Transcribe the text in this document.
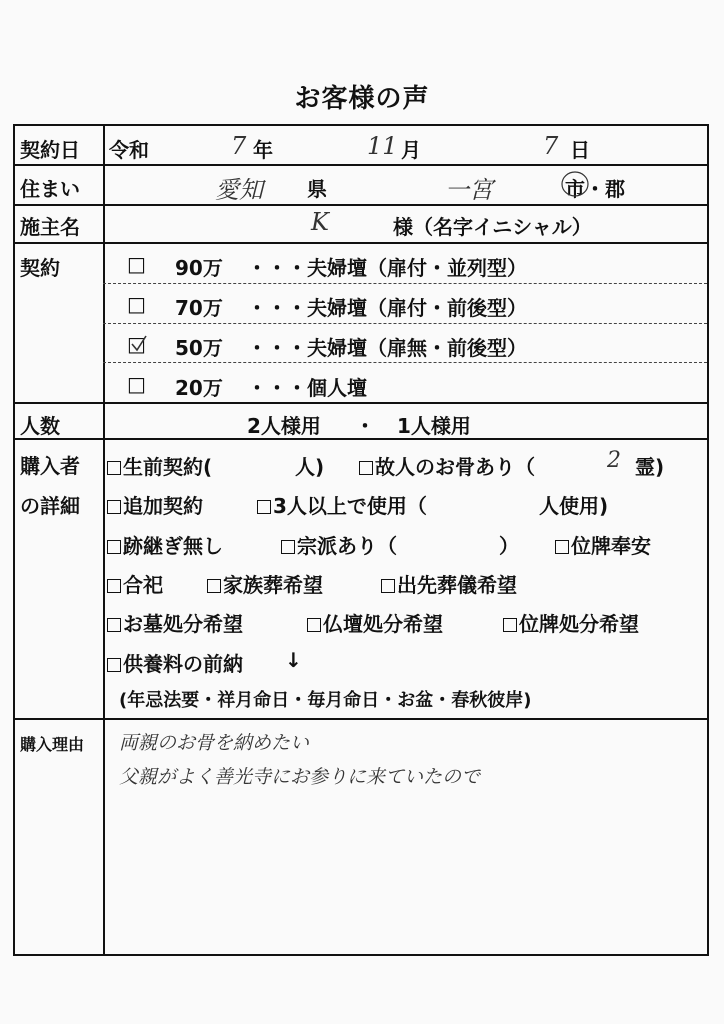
お客様の声
契約日 令和	7 年	11 月	7 日
住まい	愛知 県	一宮	市・郡
施主名	K	様（名字イニシャル）
契約	□ 90万 ・・・ 夫婦壇（扉付・並列型）
□ 70万 ・・・ 夫婦壇（扉付・前後型）
□ 50万 ・・・ 夫婦壇（扉無・前後型）
□ 20万 ・・・ 個人壇
人数	2人様用 ・ 1人様用
購入者
の詳細
生前契約(	人)	故人のお骨あり（	2 霊)
追加契約	3人以上で使用（	人使用)
跡継ぎ無し	宗派あり（	）	位牌奉安
合祀	家族葬希望	出先葬儀希望
お墓処分希望	仏壇処分希望	位牌処分希望
供養料の前納 ↓
(年忌法要・祥月命日・毎月命日・お盆・春秋彼岸)
購入理由 両親のお骨を納めたい
父親がよく善光寺にお参りに来ていたので
